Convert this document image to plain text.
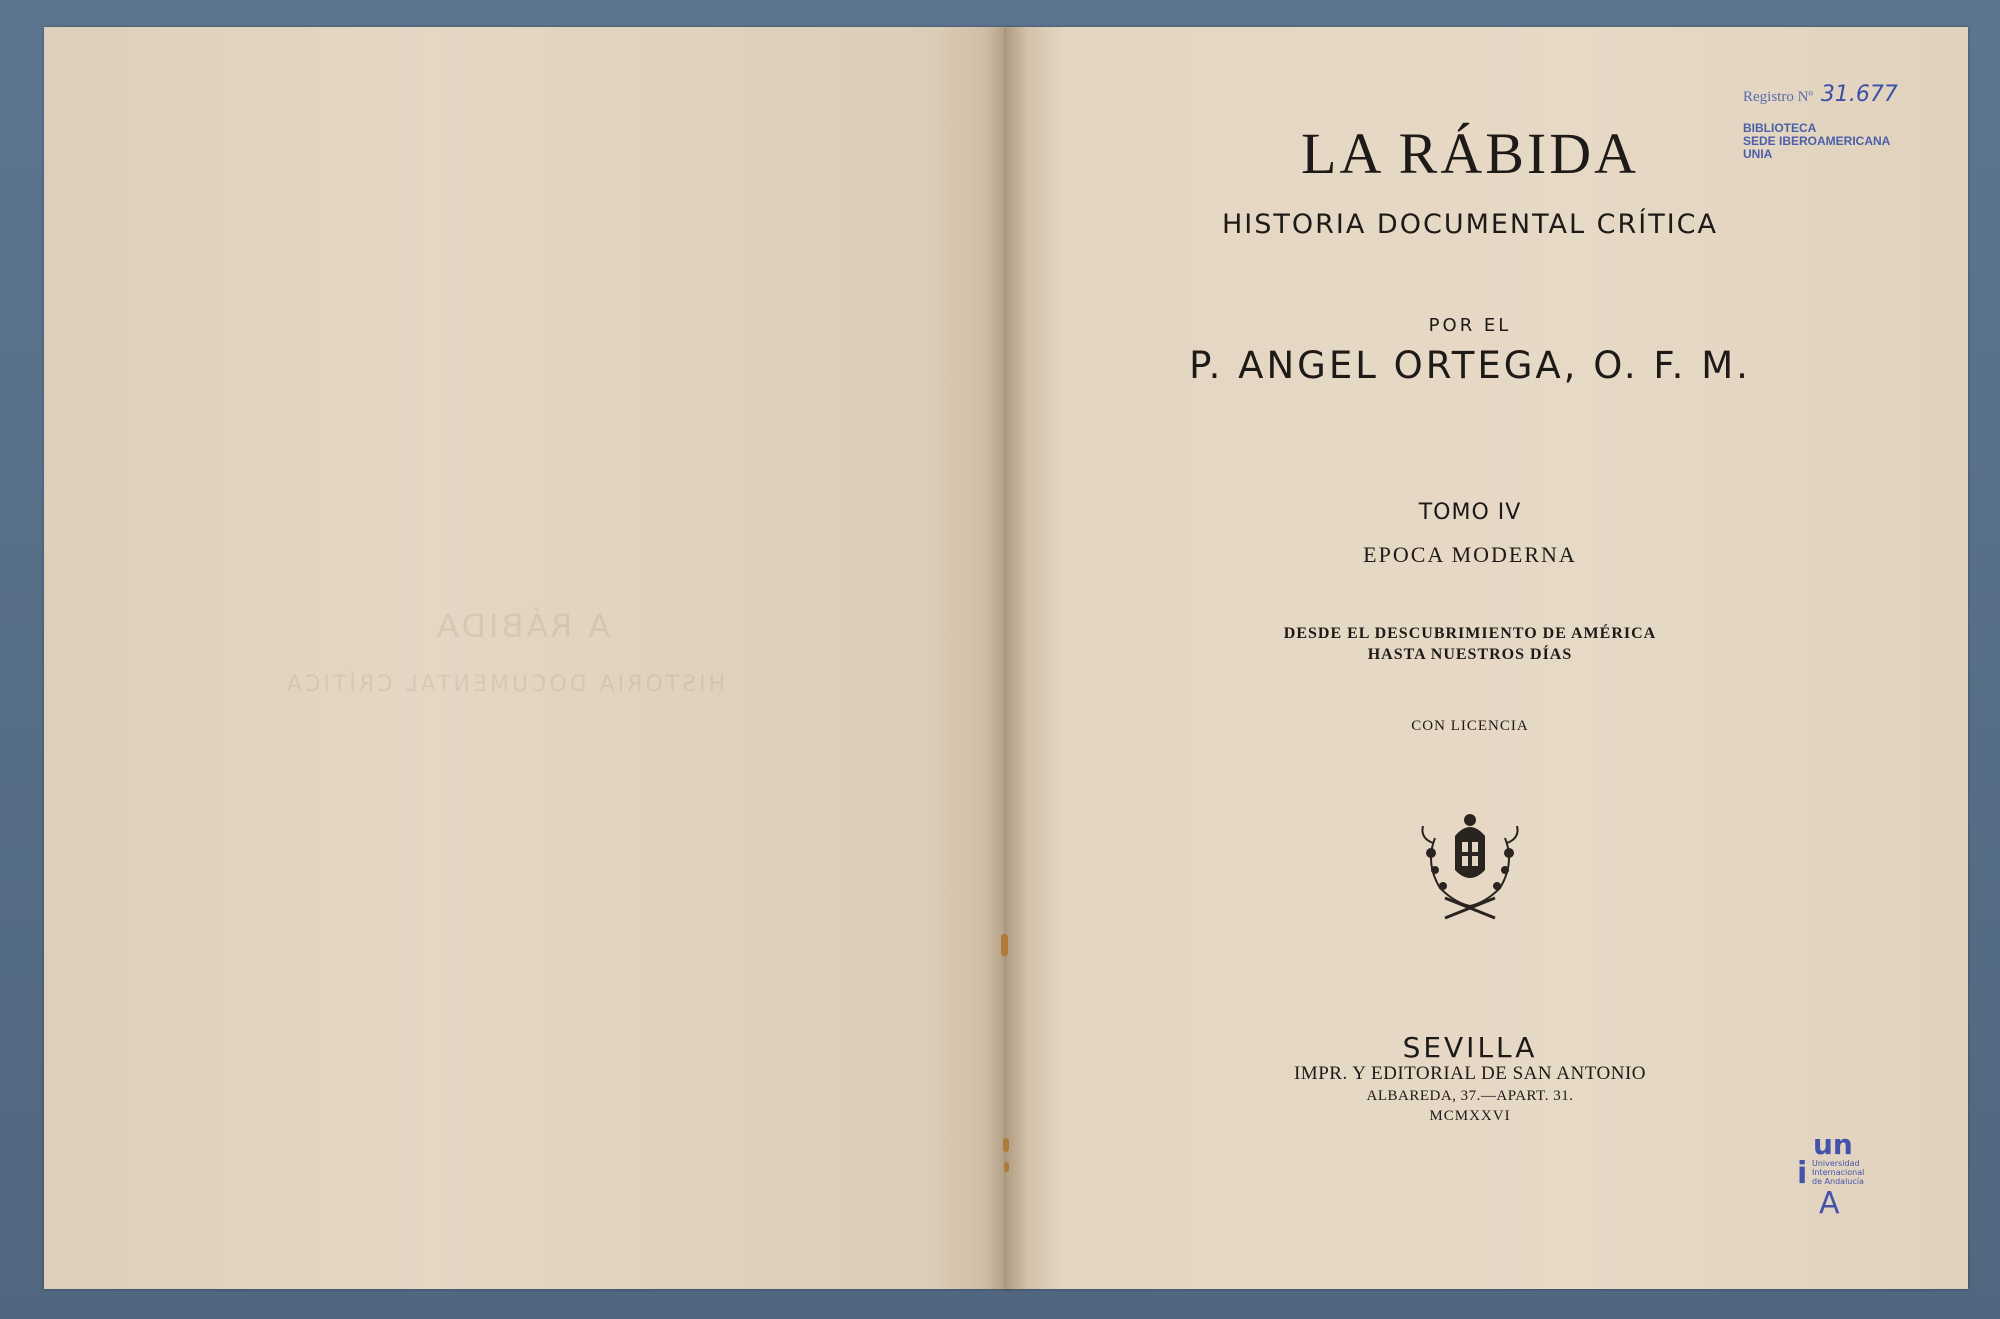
A RÁBIDA
HISTORIA DOCUMENTAL CRÍTICA
LA RÁBIDA
HISTORIA DOCUMENTAL CRÍTICA
POR EL
P. ANGEL ORTEGA, O. F. M.
TOMO IV
EPOCA MODERNA
DESDE EL DESCUBRIMIENTO DE AMÉRICA
HASTA NUESTROS DÍAS
CON LICENCIA
SEVILLA
IMPR. Y EDITORIAL DE SAN ANTONIO
ALBAREDA, 37.—APART. 31.
MCMXXVI
Registro Nº 31.677
BIBLIOTECA
SEDE IBEROAMERICANA
UNIA
un
i Universidad
Internacional
de Andalucía
A
